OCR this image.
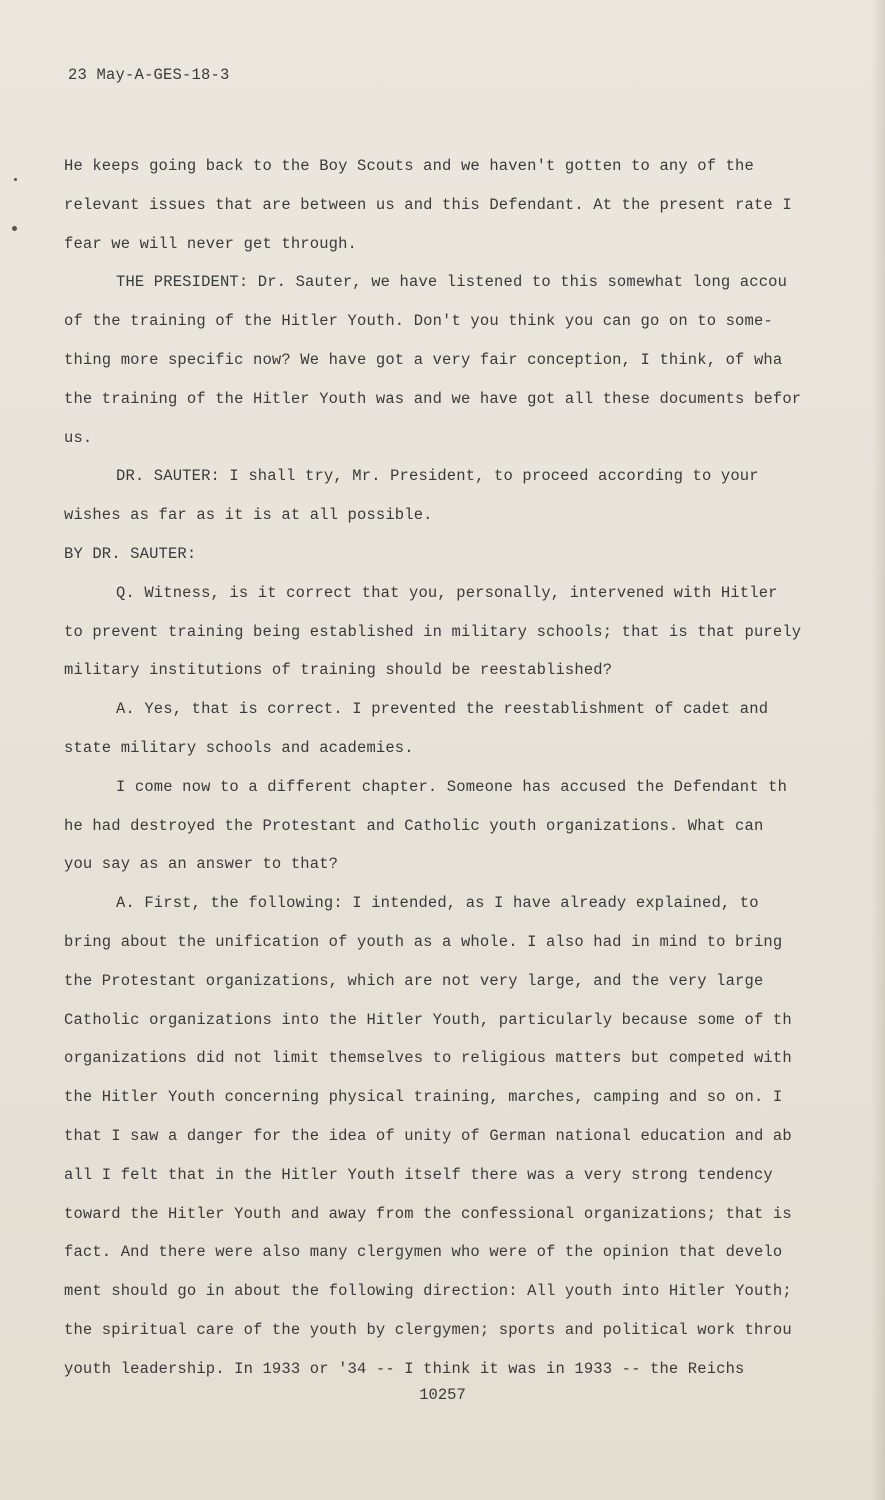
23 May-A-GES-18-3
He keeps going back to the Boy Scouts and we haven't gotten to any of the
relevant issues that are between us and this Defendant. At the present rate I
fear we will never get through.
THE PRESIDENT: Dr. Sauter, we have listened to this somewhat long accou
of the training of the Hitler Youth. Don't you think you can go on to some-
thing more specific now? We have got a very fair conception, I think, of wha
the training of the Hitler Youth was and we have got all these documents befor
us.
DR. SAUTER: I shall try, Mr. President, to proceed according to your
wishes as far as it is at all possible.
BY DR. SAUTER:
Q. Witness, is it correct that you, personally, intervened with Hitler
to prevent training being established in military schools; that is that purely
military institutions of training should be reestablished?
A. Yes, that is correct. I prevented the reestablishment of cadet and
state military schools and academies.
I come now to a different chapter. Someone has accused the Defendant th
he had destroyed the Protestant and Catholic youth organizations. What can
you say as an answer to that?
A. First, the following: I intended, as I have already explained, to
bring about the unification of youth as a whole. I also had in mind to bring
the Protestant organizations, which are not very large, and the very large
Catholic organizations into the Hitler Youth, particularly because some of th
organizations did not limit themselves to religious matters but competed with
the Hitler Youth concerning physical training, marches, camping and so on. I
that I saw a danger for the idea of unity of German national education and ab
all I felt that in the Hitler Youth itself there was a very strong tendency
toward the Hitler Youth and away from the confessional organizations; that is
fact. And there were also many clergymen who were of the opinion that develo
ment should go in about the following direction: All youth into Hitler Youth;
the spiritual care of the youth by clergymen; sports and political work throu
youth leadership. In 1933 or '34 -- I think it was in 1933 -- the Reichs
10257
